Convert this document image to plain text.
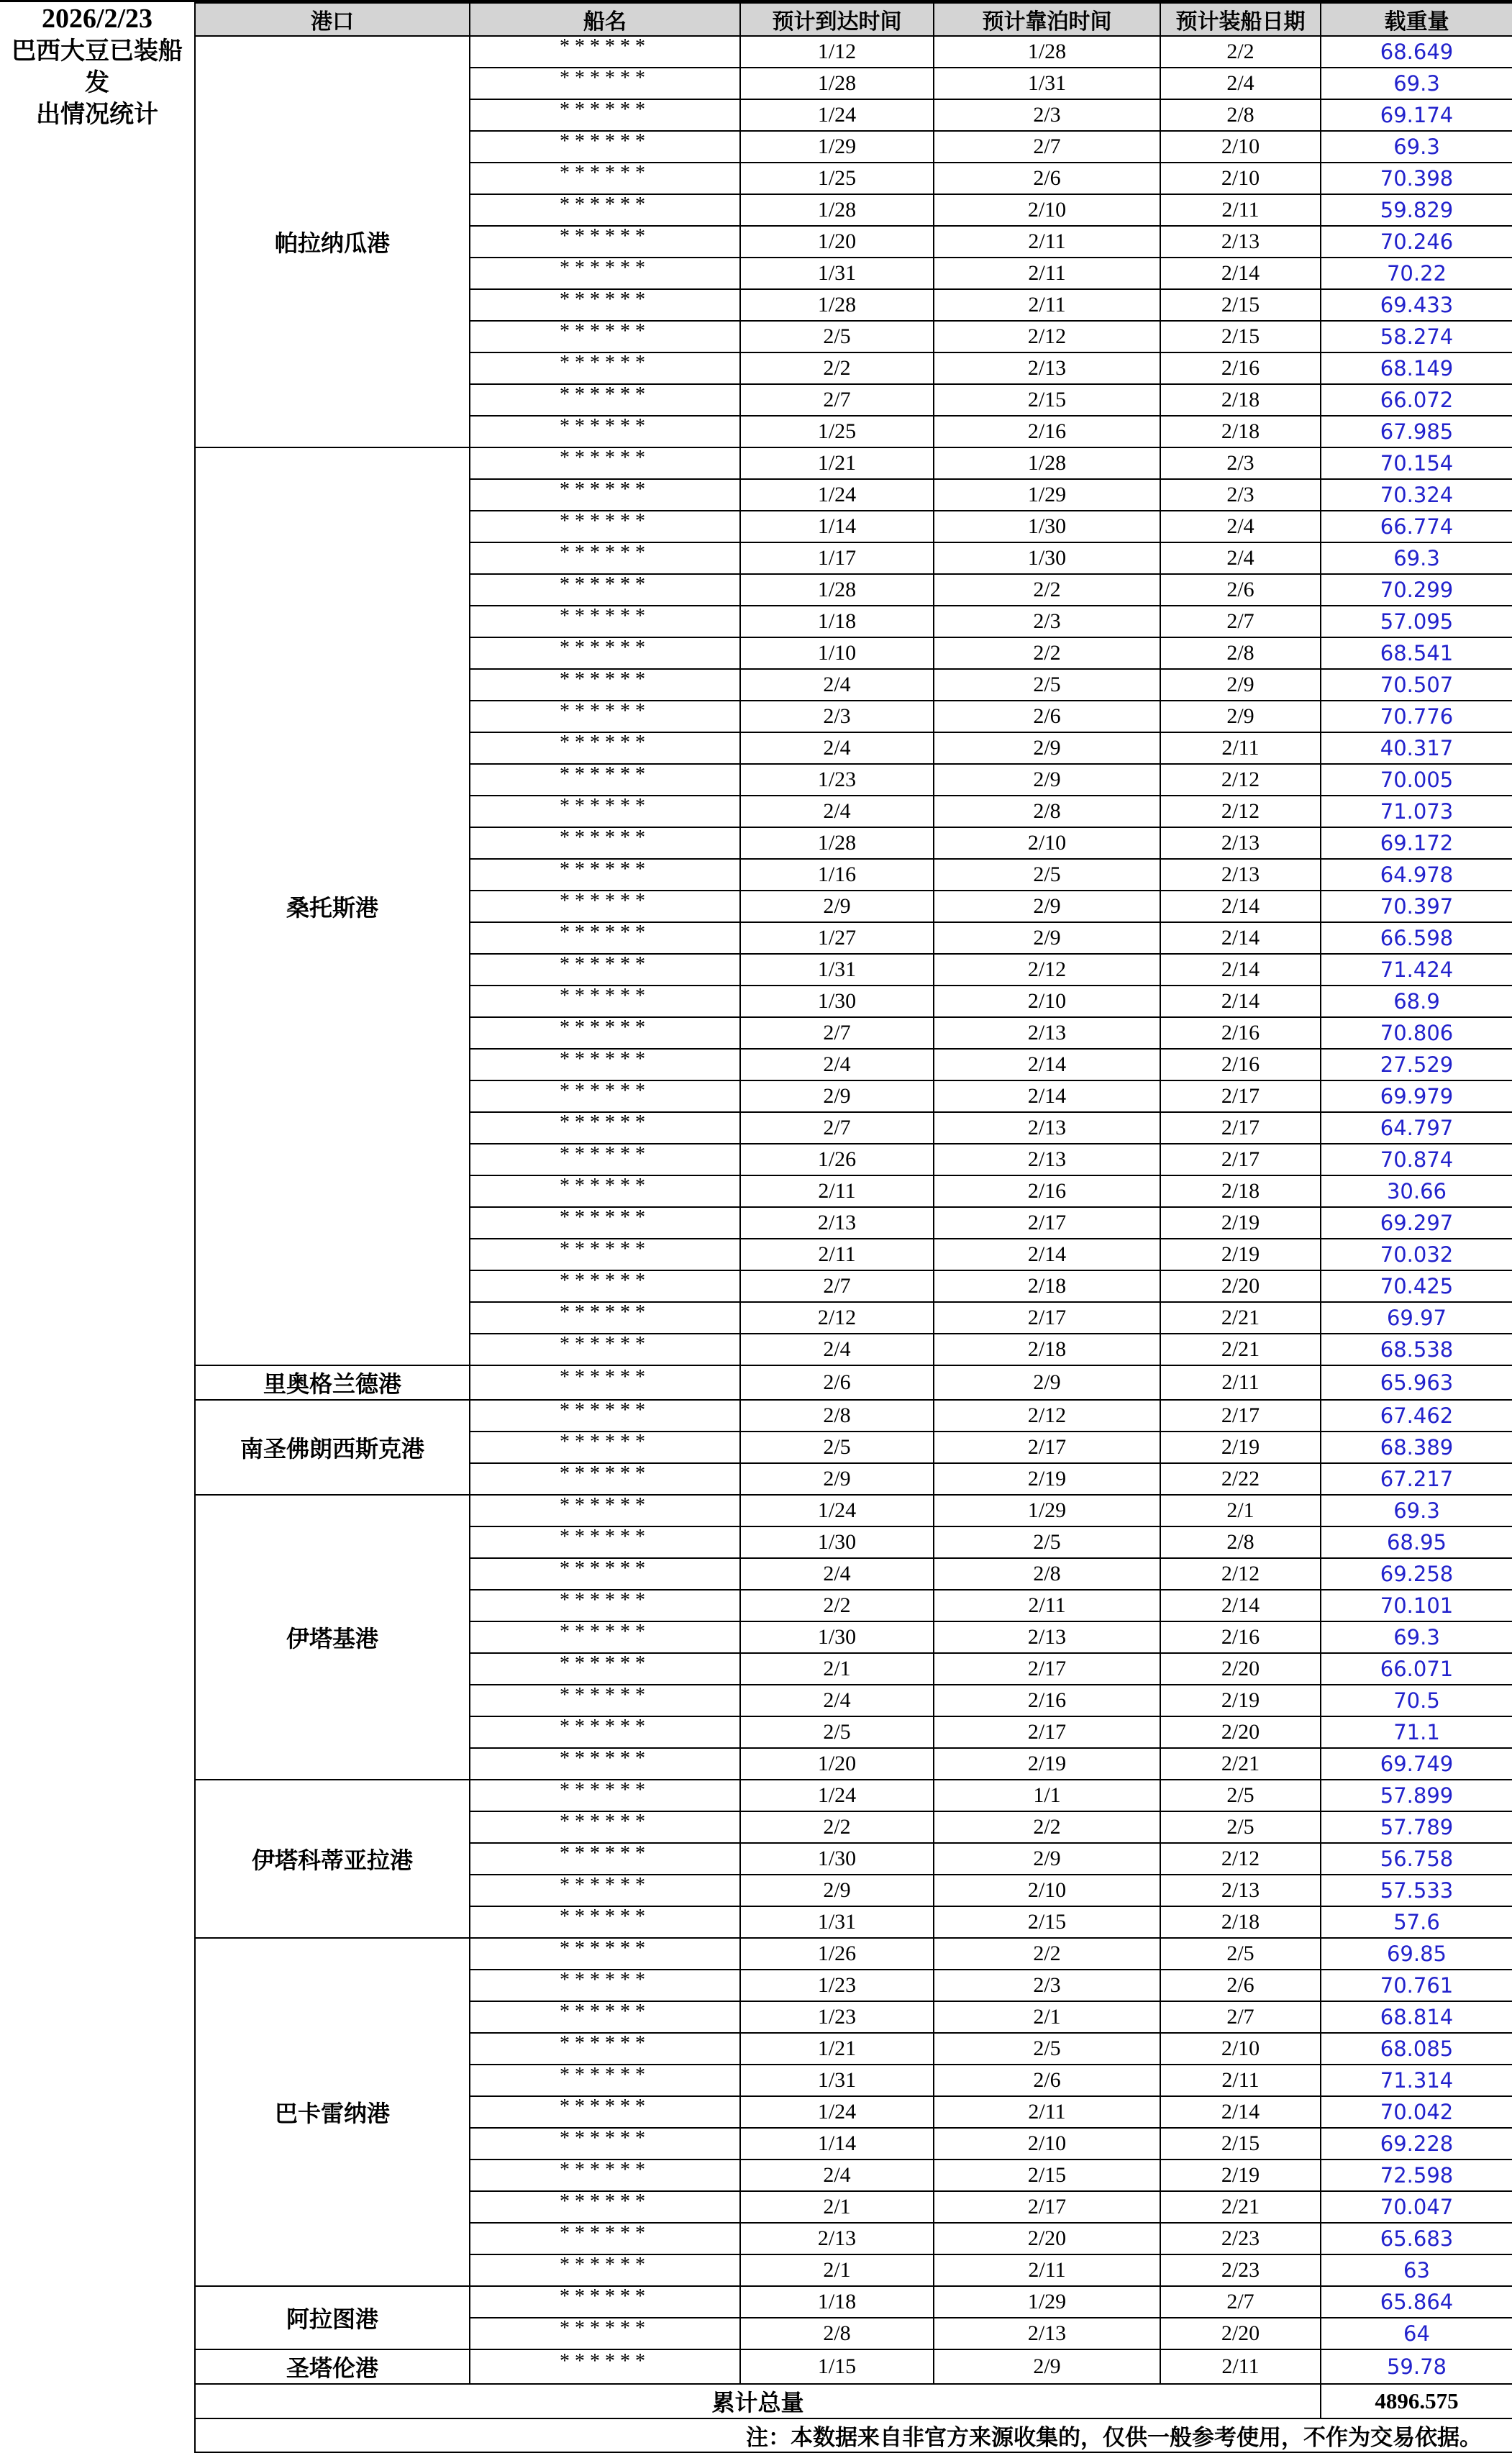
2026/2/23
巴西大豆已装船发
出情况统计
港口	船名	预计到达时间	预计靠泊时间	预计装船日期	载重量
帕拉纳瓜港	******	1/12	1/28	2/2	68.649
	******	1/28	1/31	2/4	69.3
	******	1/24	2/3	2/8	69.174
	******	1/29	2/7	2/10	69.3
	******	1/25	2/6	2/10	70.398
	******	1/28	2/10	2/11	59.829
	******	1/20	2/11	2/13	70.246
	******	1/31	2/11	2/14	70.22
	******	1/28	2/11	2/15	69.433
	******	2/5	2/12	2/15	58.274
	******	2/2	2/13	2/16	68.149
	******	2/7	2/15	2/18	66.072
	******	1/25	2/16	2/18	67.985
桑托斯港	******	1/21	1/28	2/3	70.154
	******	1/24	1/29	2/3	70.324
	******	1/14	1/30	2/4	66.774
	******	1/17	1/30	2/4	69.3
	******	1/28	2/2	2/6	70.299
	******	1/18	2/3	2/7	57.095
	******	1/10	2/2	2/8	68.541
	******	2/4	2/5	2/9	70.507
	******	2/3	2/6	2/9	70.776
	******	2/4	2/9	2/11	40.317
	******	1/23	2/9	2/12	70.005
	******	2/4	2/8	2/12	71.073
	******	1/28	2/10	2/13	69.172
	******	1/16	2/5	2/13	64.978
	******	2/9	2/9	2/14	70.397
	******	1/27	2/9	2/14	66.598
	******	1/31	2/12	2/14	71.424
	******	1/30	2/10	2/14	68.9
	******	2/7	2/13	2/16	70.806
	******	2/4	2/14	2/16	27.529
	******	2/9	2/14	2/17	69.979
	******	2/7	2/13	2/17	64.797
	******	1/26	2/13	2/17	70.874
	******	2/11	2/16	2/18	30.66
	******	2/13	2/17	2/19	69.297
	******	2/11	2/14	2/19	70.032
	******	2/7	2/18	2/20	70.425
	******	2/12	2/17	2/21	69.97
	******	2/4	2/18	2/21	68.538
里奥格兰德港	******	2/6	2/9	2/11	65.963
南圣佛朗西斯克港	******	2/8	2/12	2/17	67.462
	******	2/5	2/17	2/19	68.389
	******	2/9	2/19	2/22	67.217
伊塔基港	******	1/24	1/29	2/1	69.3
	******	1/30	2/5	2/8	68.95
	******	2/4	2/8	2/12	69.258
	******	2/2	2/11	2/14	70.101
	******	1/30	2/13	2/16	69.3
	******	2/1	2/17	2/20	66.071
	******	2/4	2/16	2/19	70.5
	******	2/5	2/17	2/20	71.1
	******	1/20	2/19	2/21	69.749
伊塔科蒂亚拉港	******	1/24	1/1	2/5	57.899
	******	2/2	2/2	2/5	57.789
	******	1/30	2/9	2/12	56.758
	******	2/9	2/10	2/13	57.533
	******	1/31	2/15	2/18	57.6
巴卡雷纳港	******	1/26	2/2	2/5	69.85
	******	1/23	2/3	2/6	70.761
	******	1/23	2/1	2/7	68.814
	******	1/21	2/5	2/10	68.085
	******	1/31	2/6	2/11	71.314
	******	1/24	2/11	2/14	70.042
	******	1/14	2/10	2/15	69.228
	******	2/4	2/15	2/19	72.598
	******	2/1	2/17	2/21	70.047
	******	2/13	2/20	2/23	65.683
	******	2/1	2/11	2/23	63
阿拉图港	******	1/18	1/29	2/7	65.864
	******	2/8	2/13	2/20	64
圣塔伦港	******	1/15	2/9	2/11	59.78
累计总量					4896.575
注：本数据来自非官方来源收集的，仅供一般参考使用，不作为交易依据。					
